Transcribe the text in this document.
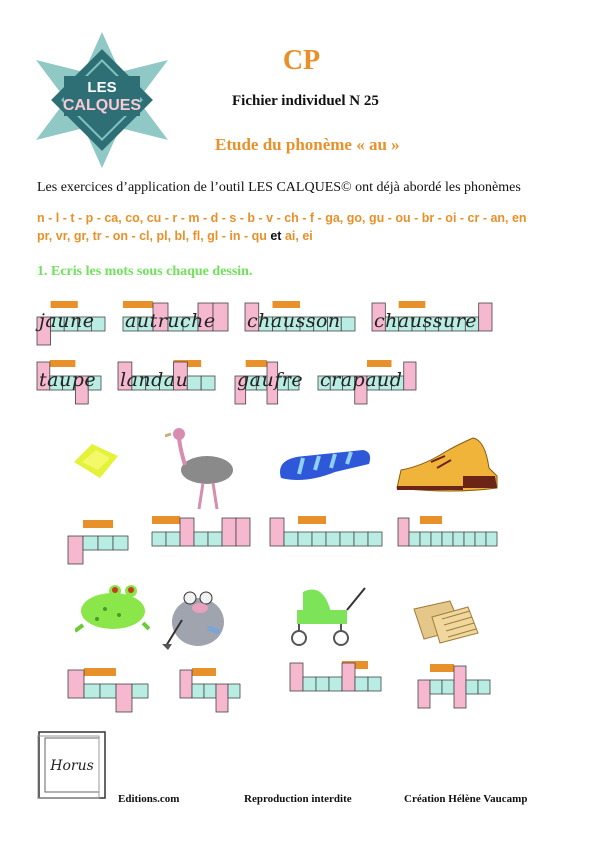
LES
CALQUES
CP
Fichier individuel N 25
Etude du phonème « au »
Les exercices d’application de l’outil LES CALQUES© ont déjà abordé les phonèmes
n - l - t - p - ca, co, cu - r - m - d - s - b - v - ch - f - ga, go, gu - ou - br - oi - cr - an, en
pr, vr, gr, tr - on - cl, pl, bl, fl, gl - in - qu et ai, ei
1. Ecris les mots sous chaque dessin.
jaune	autruche	chausson	chaussure
taupe	landau	gaufre crapaud
Horus
Editions.com	Reproduction interdite	Création Hélène Vaucamp
